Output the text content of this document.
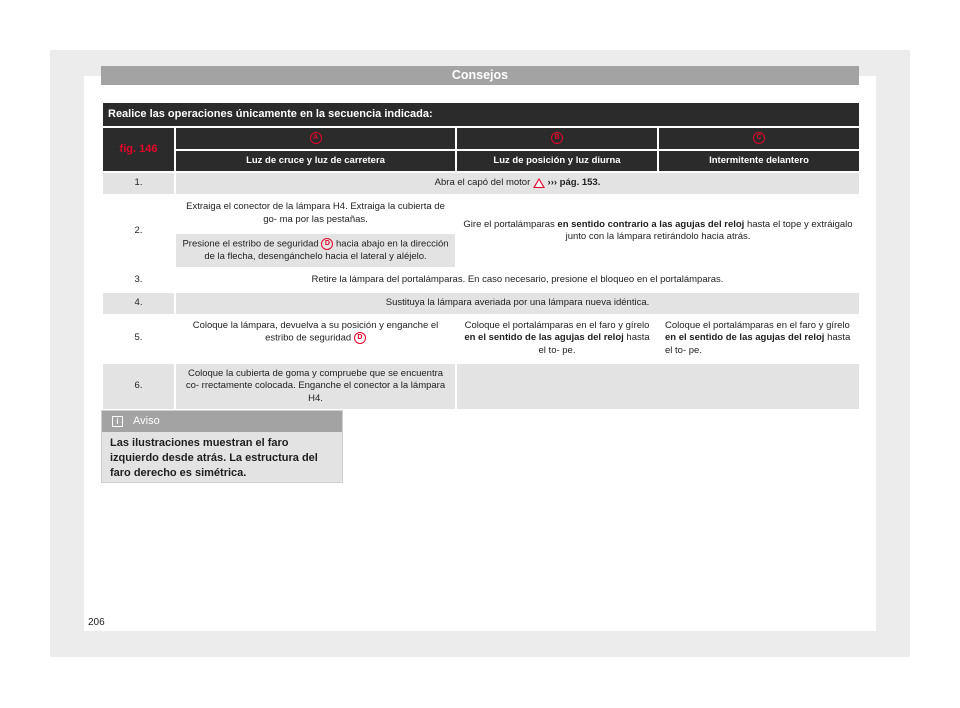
Consejos
Realice las operaciones únicamente en la secuencia indicada:			
fig. 146	A	B	C
	Luz de cruce y luz de carretera	Luz de posición y luz diurna	Intermitente delantero
1.	Abra el capó del motor ››› pág. 153.		
2.	Extraiga el conector de la lámpara H4. Extraiga la cubierta de go- ma por las pestañas.	Gire el portalámparas en sentido contrario a las agujas del reloj hasta el tope y extráigalo junto con la lámpara retirándolo hacia atrás.	
	Presione el estribo de seguridad D hacia abajo en la dirección de la flecha, desengánchelo hacia el lateral y aléjelo.		
3.	Retire la lámpara del portalámparas. En caso necesario, presione el bloqueo en el portalámparas.		
4.	Sustituya la lámpara averiada por una lámpara nueva idéntica.		
5.	Coloque la lámpara, devuelva a su posición y enganche el estribo de seguridad D	Coloque el portalámparas en el faro y gírelo en el sentido de las agujas del reloj hasta el to- pe.	Coloque el portalámparas en el faro y gírelo en el sentido de las agujas del reloj hasta el to- pe.
6.	Coloque la cubierta de goma y compruebe que se encuentra co- rrectamente colocada. Enganche el conector a la lámpara H4.		
i Aviso
Las ilustraciones muestran el faro izquierdo desde atrás. La estructura del faro derecho es simétrica.
206
